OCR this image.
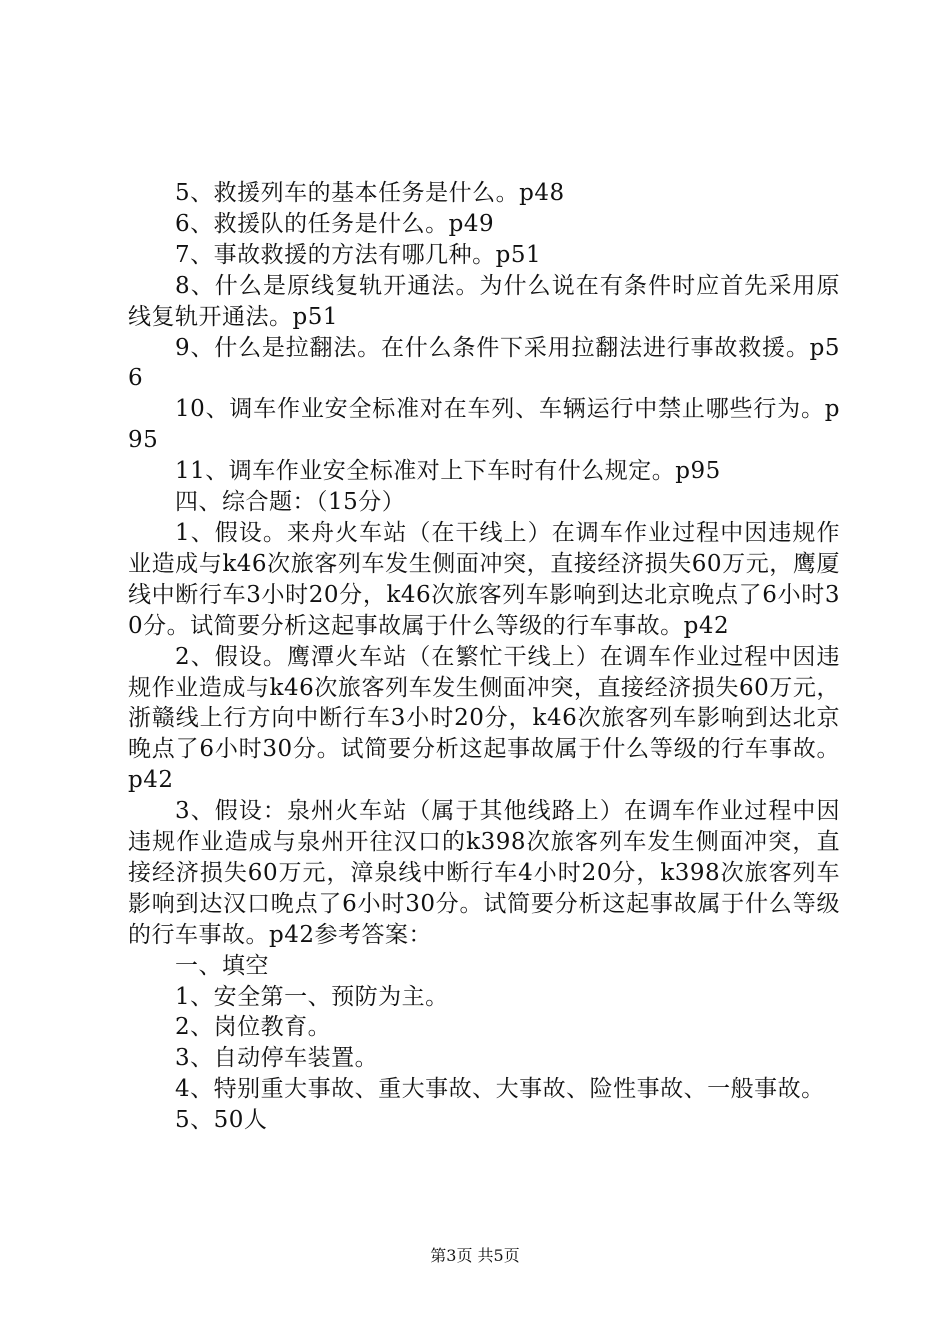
5、救援列车的基本任务是什么。p48

6、救援队的任务是什么。p49

7、事故救援的方法有哪几种。p51

8、什么是原线复轨开通法。为什么说在有条件时应首先采用原线复轨开通法。p51

9、什么是拉翻法。在什么条件下采用拉翻法进行事故救援。p56

10、调车作业安全标准对在车列、车辆运行中禁止哪些行为。p95

11、调车作业安全标准对上下车时有什么规定。p95

四、综合题：（15分）

1、假设。来舟火车站（在干线上）在调车作业过程中因违规作业造成与k46次旅客列车发生侧面冲突，直接经济损失60万元，鹰厦线中断行车3小时20分，k46次旅客列车影响到达北京晚点了6小时30分。试简要分析这起事故属于什么等级的行车事故。p42

2、假设。鹰潭火车站（在繁忙干线上）在调车作业过程中因违规作业造成与k46次旅客列车发生侧面冲突，直接经济损失60万元，浙赣线上行方向中断行车3小时20分，k46次旅客列车影响到达北京晚点了6小时30分。试简要分析这起事故属于什么等级的行车事故。p42

3、假设：泉州火车站（属于其他线路上）在调车作业过程中因违规作业造成与泉州开往汉口的k398次旅客列车发生侧面冲突，直接经济损失60万元，漳泉线中断行车4小时20分，k398次旅客列车影响到达汉口晚点了6小时30分。试简要分析这起事故属于什么等级的行车事故。p42参考答案：

一、填空

1、安全第一、预防为主。

2、岗位教育。

3、自动停车装置。

4、特别重大事故、重大事故、大事故、险性事故、一般事故。

5、50人

第3页 共5页
